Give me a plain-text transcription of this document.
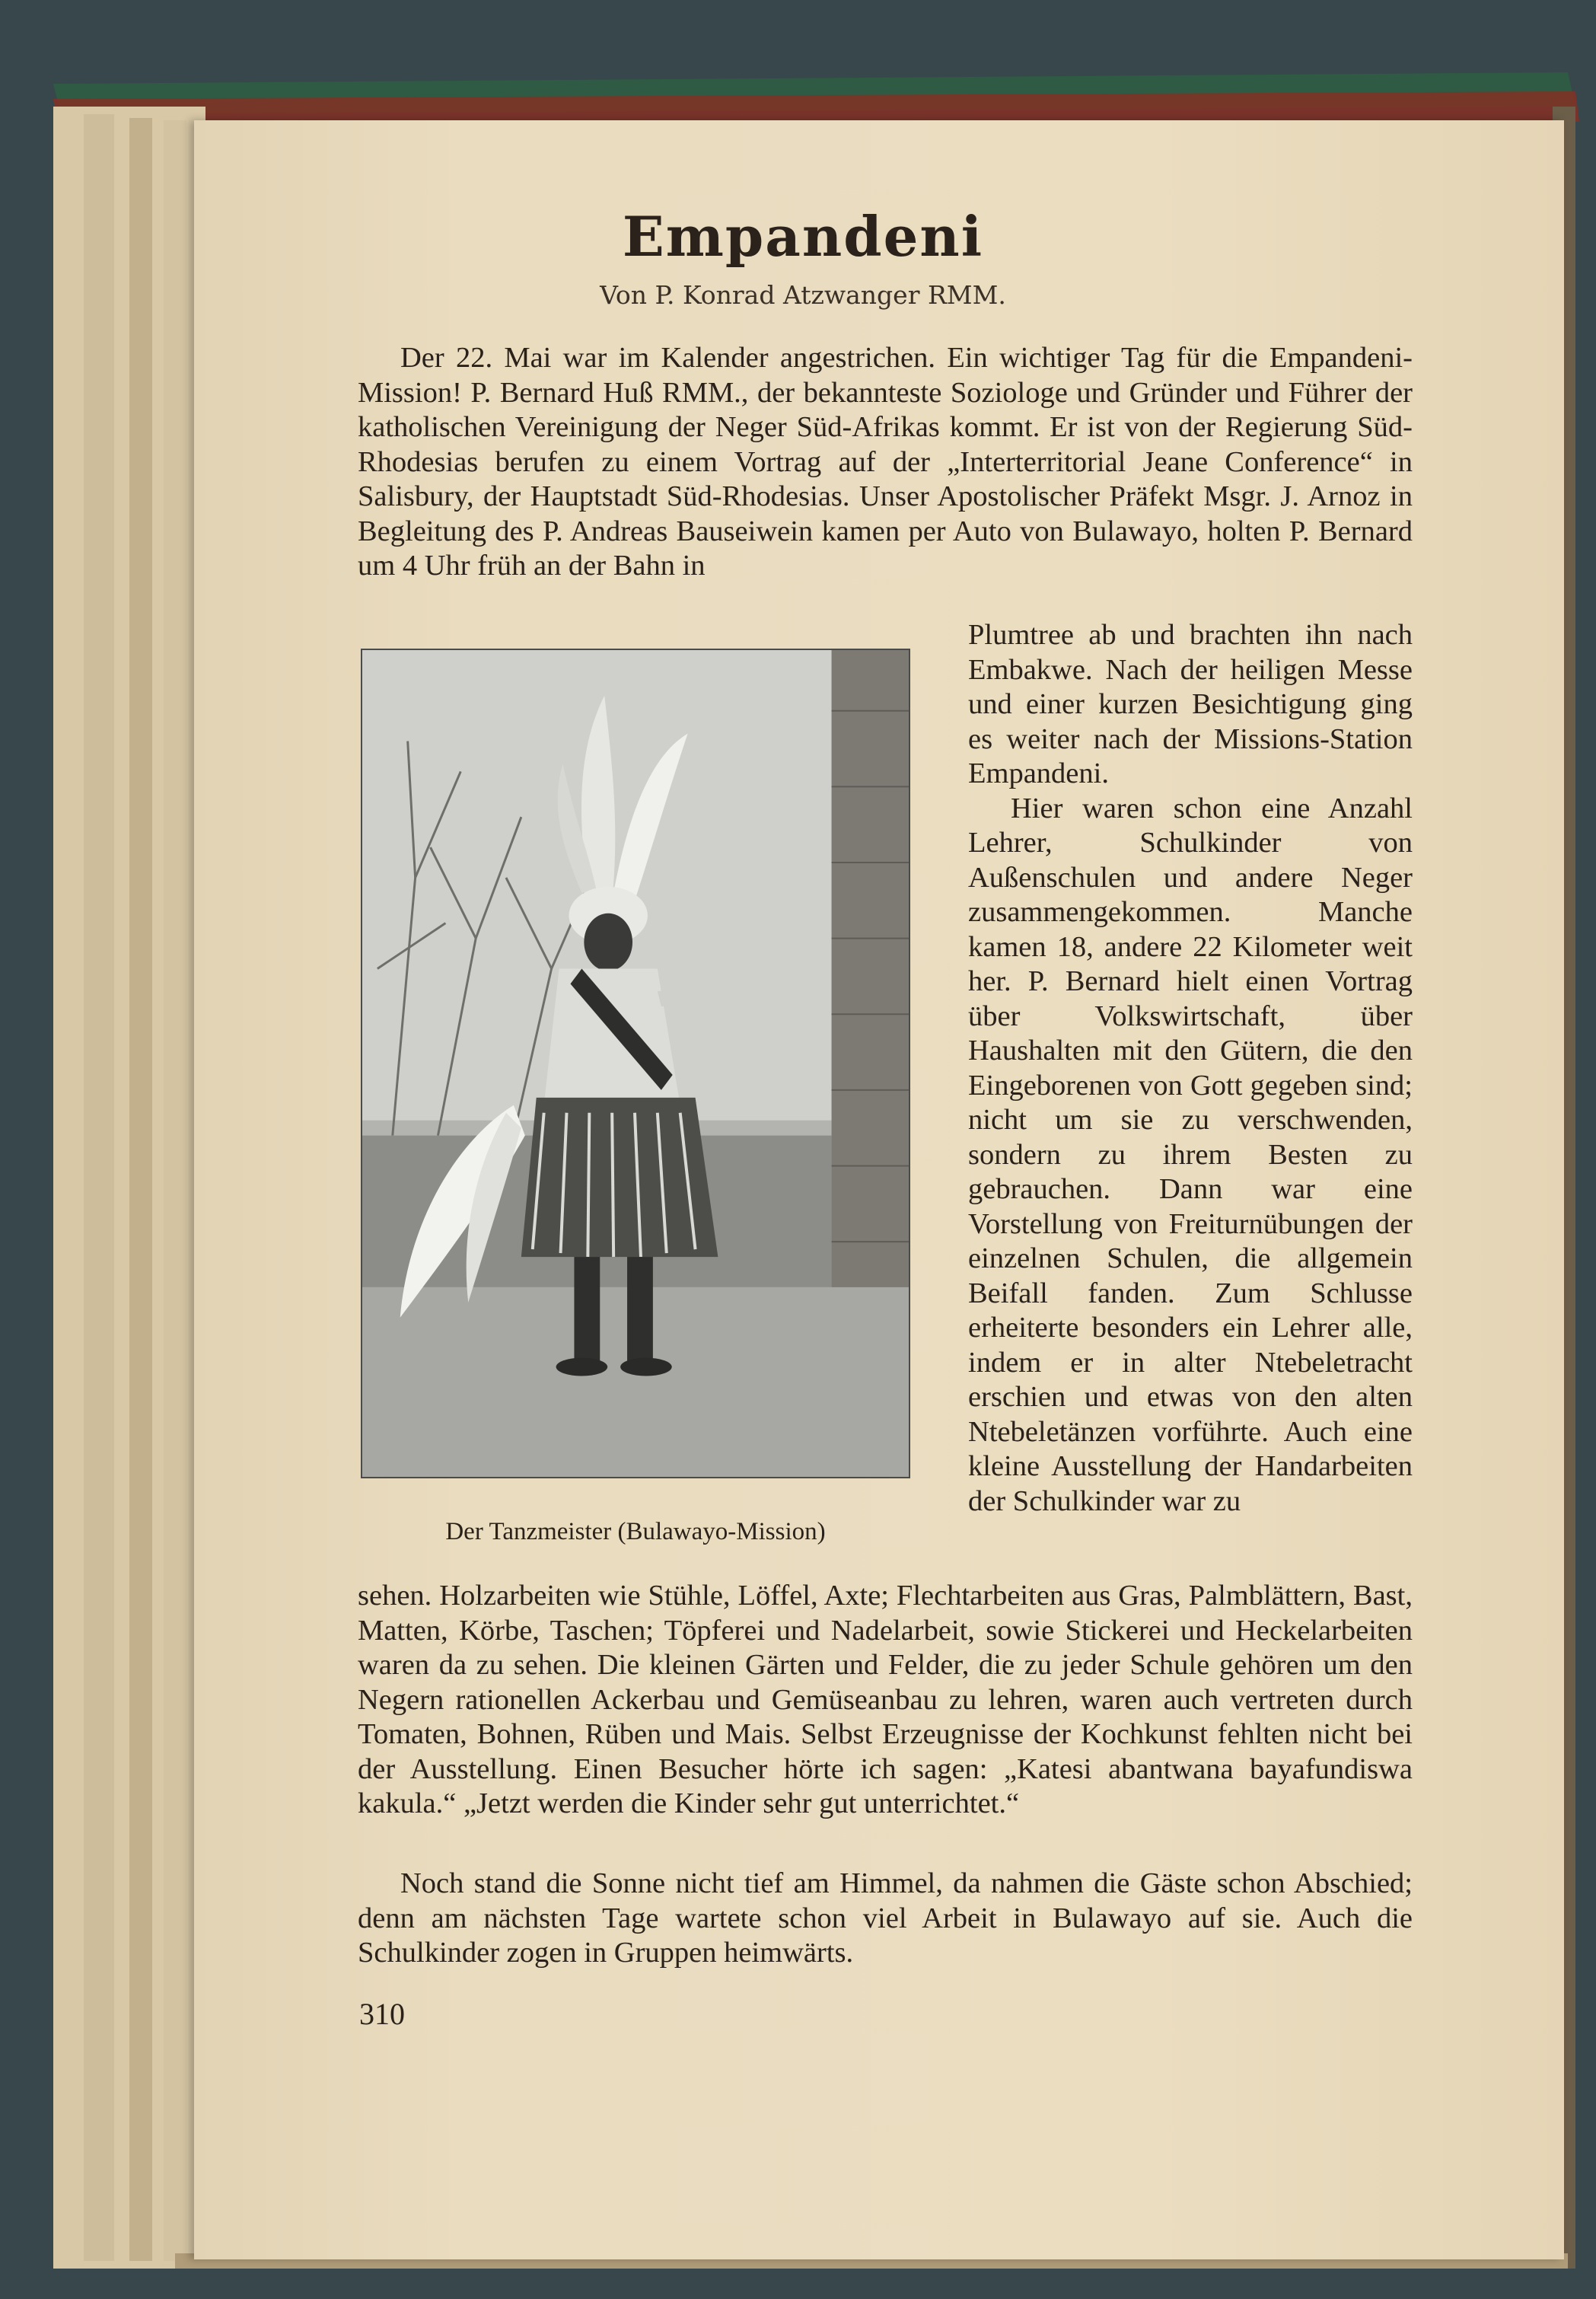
Empandeni

Von P. Konrad Atzwanger RMM.

Der 22. Mai war im Kalender angestrichen. Ein wichtiger Tag für die Empandeni-Mission! P. Bernard Huß RMM., der bekannteste Soziologe und Gründer und Führer der katholischen Vereinigung der Neger Süd-Afrikas kommt. Er ist von der Regierung Süd-Rhodesias berufen zu einem Vortrag auf der „Interterritorial Jeane Conference“ in Salisbury, der Hauptstadt Süd-Rhodesias. Unser Apostolischer Präfekt Msgr. J. Arnoz in Begleitung des P. Andreas Bauseiwein kamen per Auto von Bulawayo, holten P. Bernard um 4 Uhr früh an der Bahn in

Der Tanzmeister (Bulawayo-Mission)

Plumtree ab und brachten ihn nach Embakwe. Nach der heiligen Messe und einer kurzen Besichtigung ging es weiter nach der Missions-Station Empandeni.

Hier waren schon eine Anzahl Lehrer, Schulkinder von Außenschulen und andere Neger zusammengekommen. Manche kamen 18, andere 22 Kilometer weit her. P. Bernard hielt einen Vortrag über Volkswirtschaft, über Haushalten mit den Gütern, die den Eingeborenen von Gott gegeben sind; nicht um sie zu verschwenden, sondern zu ihrem Besten zu gebrauchen. Dann war eine Vorstellung von Freiturnübungen der einzelnen Schulen, die allgemein Beifall fanden. Zum Schlusse erheiterte besonders ein Lehrer alle, indem er in alter Ntebeletracht erschien und etwas von den alten Ntebeletänzen vorführte. Auch eine kleine Ausstellung der Handarbeiten der Schulkinder war zu

sehen. Holzarbeiten wie Stühle, Löffel, Axte; Flechtarbeiten aus Gras, Palmblättern, Bast, Matten, Körbe, Taschen; Töpferei und Nadelarbeit, sowie Stickerei und Heckelarbeiten waren da zu sehen. Die kleinen Gärten und Felder, die zu jeder Schule gehören um den Negern rationellen Ackerbau und Gemüseanbau zu lehren, waren auch vertreten durch Tomaten, Bohnen, Rüben und Mais. Selbst Erzeugnisse der Kochkunst fehlten nicht bei der Ausstellung. Einen Besucher hörte ich sagen: „Katesi abantwana bayafundiswa kakula.“ „Jetzt werden die Kinder sehr gut unterrichtet.“

Noch stand die Sonne nicht tief am Himmel, da nahmen die Gäste schon Abschied; denn am nächsten Tage wartete schon viel Arbeit in Bulawayo auf sie. Auch die Schulkinder zogen in Gruppen heimwärts.

310
